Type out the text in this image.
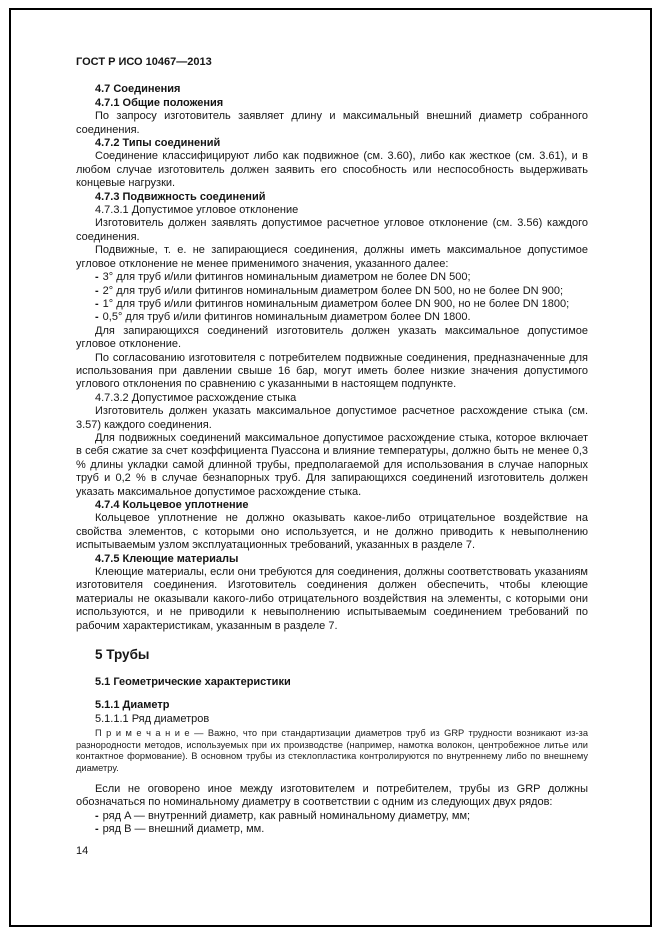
ГОСТ Р ИСО 10467—2013
4.7 Соединения
4.7.1 Общие положения
По запросу изготовитель заявляет длину и максимальный внешний диаметр собранного соединения.
4.7.2 Типы соединений
Соединение классифицируют либо как подвижное (см. 3.60), либо как жесткое (см. 3.61), и в любом случае изготовитель должен заявить его способность или неспособность выдерживать концевые нагрузки.
4.7.3 Подвижность соединений
4.7.3.1 Допустимое угловое отклонение
Изготовитель должен заявлять допустимое расчетное угловое отклонение (см. 3.56) каждого соединения.
Подвижные, т. е. не запирающиеся соединения, должны иметь максимальное допустимое угловое отклонение не менее применимого значения, указанного далее:
- 3° для труб и/или фитингов номинальным диаметром не более DN 500;
- 2° для труб и/или фитингов номинальным диаметром более DN 500, но не более DN 900;
- 1° для труб и/или фитингов номинальным диаметром более DN 900, но не более DN 1800;
- 0,5° для труб и/или фитингов номинальным диаметром более DN 1800.
Для запирающихся соединений изготовитель должен указать максимальное допустимое угловое отклонение.
По согласованию изготовителя с потребителем подвижные соединения, предназначенные для использования при давлении свыше 16 бар, могут иметь более низкие значения допустимого углового отклонения по сравнению с указанными в настоящем подпункте.
4.7.3.2 Допустимое расхождение стыка
Изготовитель должен указать максимальное допустимое расчетное расхождение стыка (см. 3.57) каждого соединения.
Для подвижных соединений максимальное допустимое расхождение стыка, которое включает в себя сжатие за счет коэффициента Пуассона и влияние температуры, должно быть не менее 0,3 % длины укладки самой длинной трубы, предполагаемой для использования в случае напорных труб и 0,2 % в случае безнапорных труб. Для запирающихся соединений изготовитель должен указать максимальное допустимое расхождение стыка.
4.7.4 Кольцевое уплотнение
Кольцевое уплотнение не должно оказывать какое-либо отрицательное воздействие на свойства элементов, с которыми оно используется, и не должно приводить к невыполнению испытываемым узлом эксплуатационных требований, указанных в разделе 7.
4.7.5 Клеющие материалы
Клеющие материалы, если они требуются для соединения, должны соответствовать указаниям изготовителя соединения. Изготовитель соединения должен обеспечить, чтобы клеющие материалы не оказывали какого-либо отрицательного воздействия на элементы, с которыми они используются, и не приводили к невыполнению испытываемым соединением требований по рабочим характеристикам, указанным в разделе 7.
5 Трубы
5.1 Геометрические характеристики
5.1.1 Диаметр
5.1.1.1 Ряд диаметров
П р и м е ч а н и е — Важно, что при стандартизации диаметров труб из GRP трудности возникают из-за разнородности методов, используемых при их производстве (например, намотка волокон, центробежное литье или контактное формование). В основном трубы из стеклопластика контролируются по внутреннему либо по внешнему диаметру.
Если не оговорено иное между изготовителем и потребителем, трубы из GRP должны обозначаться по номинальному диаметру в соответствии с одним из следующих двух рядов:
- ряд A — внутренний диаметр, как равный номинальному диаметру, мм;
- ряд B — внешний диаметр, мм.
14
